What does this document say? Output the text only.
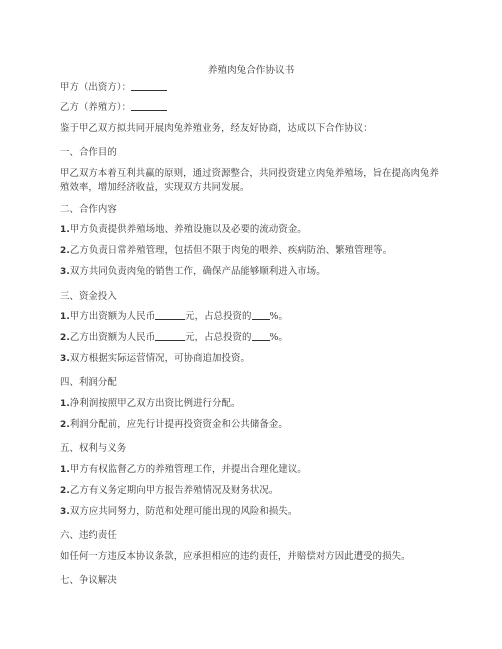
养殖肉兔合作协议书
甲方（出资方）：
乙方（养殖方）：
鉴于甲乙双方拟共同开展肉兔养殖业务，经友好协商，达成以下合作协议：
一、合作目的
甲乙双方本着互利共赢的原则，通过资源整合，共同投资建立肉兔养殖场，旨在提高肉兔养殖效率，增加经济收益，实现双方共同发展。
二、合作内容
1.甲方负责提供养殖场地、养殖设施以及必要的流动资金。
2.乙方负责日常养殖管理，包括但不限于肉兔的喂养、疾病防治、繁殖管理等。
3.双方共同负责肉兔的销售工作，确保产品能够顺利进入市场。
三、资金投入
1.甲方出资额为人民币	元，占总投资的 %。
2.乙方出资额为人民币	元，占总投资的 %。
3.双方根据实际运营情况，可协商追加投资。
四、利润分配
1.净利润按照甲乙双方出资比例进行分配。
2.利润分配前，应先行计提再投资资金和公共储备金。
五、权利与义务
1.甲方有权监督乙方的养殖管理工作，并提出合理化建议。
2.乙方有义务定期向甲方报告养殖情况及财务状况。
3.双方应共同努力，防范和处理可能出现的风险和损失。
六、违约责任
如任何一方违反本协议条款，应承担相应的违约责任，并赔偿对方因此遭受的损失。
七、争议解决
